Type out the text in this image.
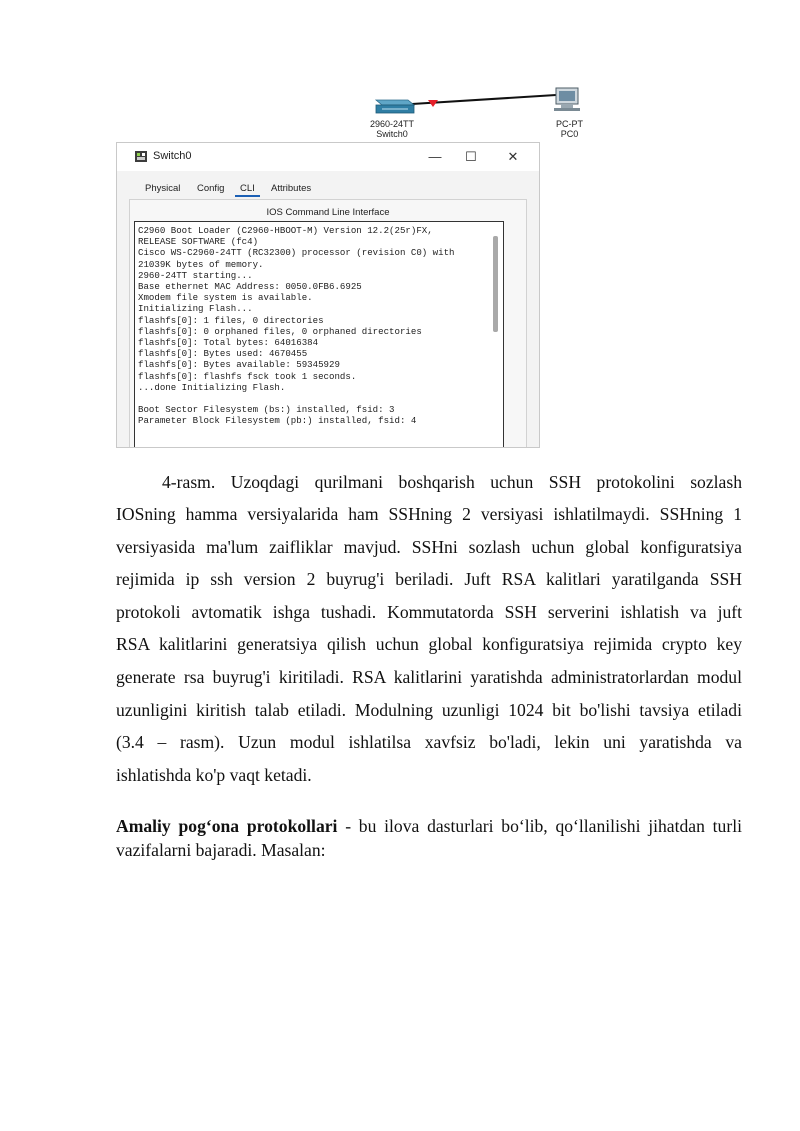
2960-24TT
Switch0
PC-PT
PC0
Switch0	—	☐	✕
Physical Config	CLI	Attributes
IOS Command Line Interface
C2960 Boot Loader (C2960-HBOOT-M) Version 12.2(25r)FX,
RELEASE SOFTWARE (fc4)
Cisco WS-C2960-24TT (RC32300) processor (revision C0) with
21039K bytes of memory.
2960-24TT starting...
Base ethernet MAC Address: 0050.0FB6.6925
Xmodem file system is available.
Initializing Flash...
flashfs[0]: 1 files, 0 directories
flashfs[0]: 0 orphaned files, 0 orphaned directories
flashfs[0]: Total bytes: 64016384
flashfs[0]: Bytes used: 4670455
flashfs[0]: Bytes available: 59345929
flashfs[0]: flashfs fsck took 1 seconds.
...done Initializing Flash.

Boot Sector Filesystem (bs:) installed, fsid: 3
Parameter Block Filesystem (pb:) installed, fsid: 4
4-rasm. Uzoqdagi qurilmani boshqarish uchun SSH protokolini sozlash
IOSning hamma versiyalarida ham SSHning 2 versiyasi ishlatilmaydi. SSHning 1
versiyasida ma'lum zaifliklar mavjud. SSHni sozlash uchun global konfiguratsiya
rejimida ip ssh version 2 buyrug'i beriladi. Juft RSA kalitlari yaratilganda SSH
protokoli avtomatik ishga tushadi. Kommutatorda SSH serverini ishlatish va juft
RSA kalitlarini generatsiya qilish uchun global konfiguratsiya rejimida crypto key
generate rsa buyrug'i kiritiladi. RSA kalitlarini yaratishda administratorlardan modul
uzunligini kiritish talab etiladi. Modulning uzunligi 1024 bit bo'lishi tavsiya etiladi
(3.4 – rasm). Uzun modul ishlatilsa xavfsiz bo'ladi, lekin uni yaratishda va
ishlatishda ko'p vaqt ketadi.
Amaliy pog‘ona protokollari - bu ilova dasturlari bo‘lib, qo‘llanilishi jihatdan turli
vazifalarni bajaradi. Masalan:
